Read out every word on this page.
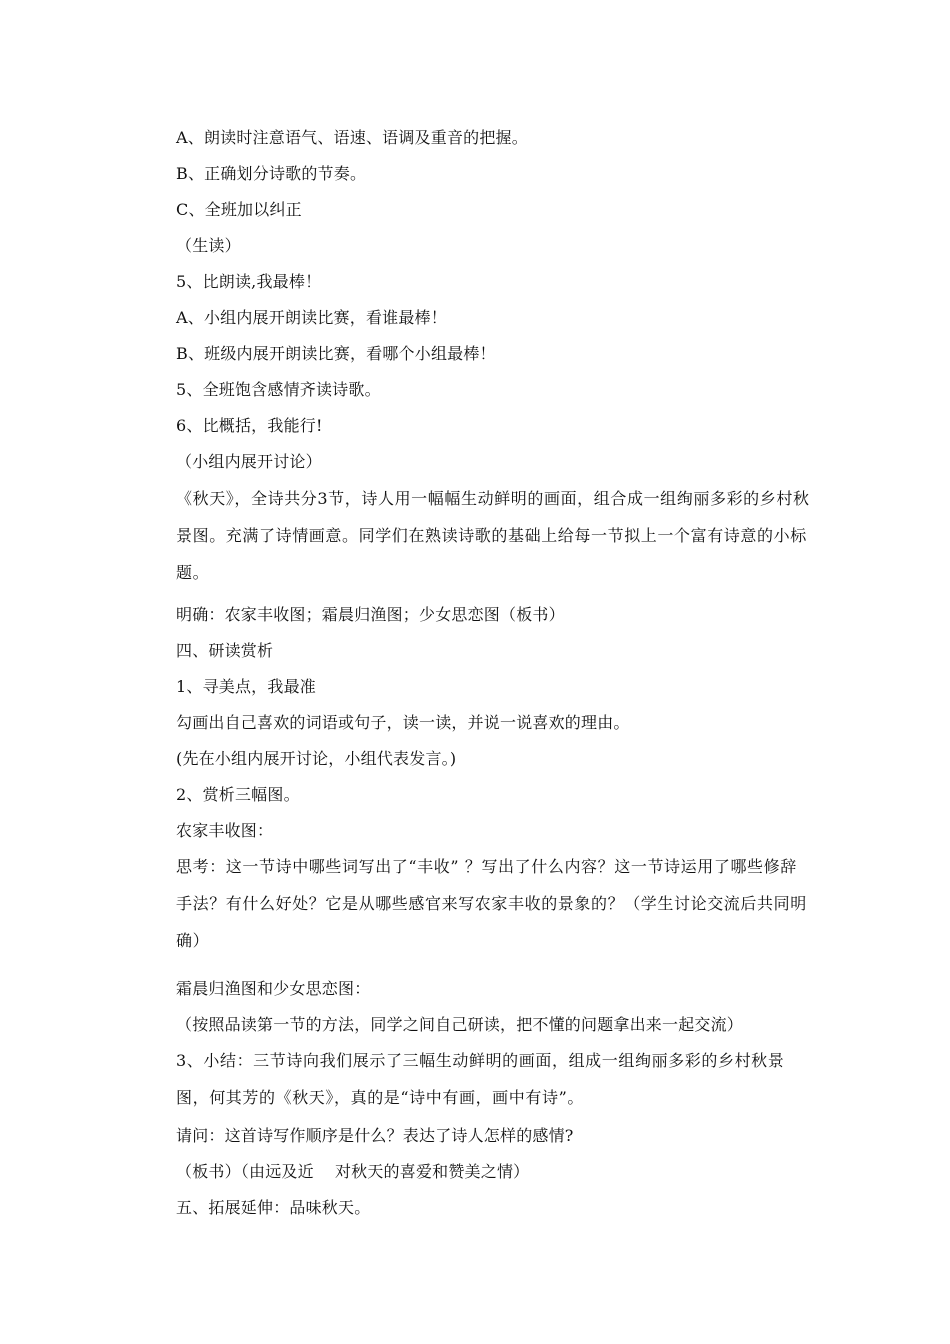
A、朗读时注意语气、语速、语调及重音的把握。
B、正确划分诗歌的节奏。
C、全班加以纠正
（生读）
5、比朗读,我最棒！
A、小组内展开朗读比赛，看谁最棒！
B、班级内展开朗读比赛，看哪个小组最棒！
5、全班饱含感情齐读诗歌。
6、比概括，我能行!
（小组内展开讨论）
《秋天》，全诗共分3节，诗人用一幅幅生动鲜明的画面，组合成一组绚丽多彩的乡村秋景图。充满了诗情画意。同学们在熟读诗歌的基础上给每一节拟上一个富有诗意的小标题。
明确：农家丰收图；霜晨归渔图；少女思恋图（板书）
四、研读赏析
1、寻美点，我最准
勾画出自己喜欢的词语或句子，读一读，并说一说喜欢的理由。
(先在小组内展开讨论，小组代表发言。)
2、赏析三幅图。
农家丰收图：
思考：这一节诗中哪些词写出了“丰收” ？写出了什么内容？这一节诗运用了哪些修辞手法？有什么好处？它是从哪些感官来写农家丰收的景象的？（学生讨论交流后共同明确）
霜晨归渔图和少女思恋图：
（按照品读第一节的方法，同学之间自己研读，把不懂的问题拿出来一起交流）
3、小结：三节诗向我们展示了三幅生动鲜明的画面，组成一组绚丽多彩的乡村秋景图，何其芳的《秋天》，真的是“诗中有画，画中有诗”。
请问：这首诗写作顺序是什么？表达了诗人怎样的感情?
（板书）（由远及近    对秋天的喜爱和赞美之情）
五、拓展延伸：品味秋天。
